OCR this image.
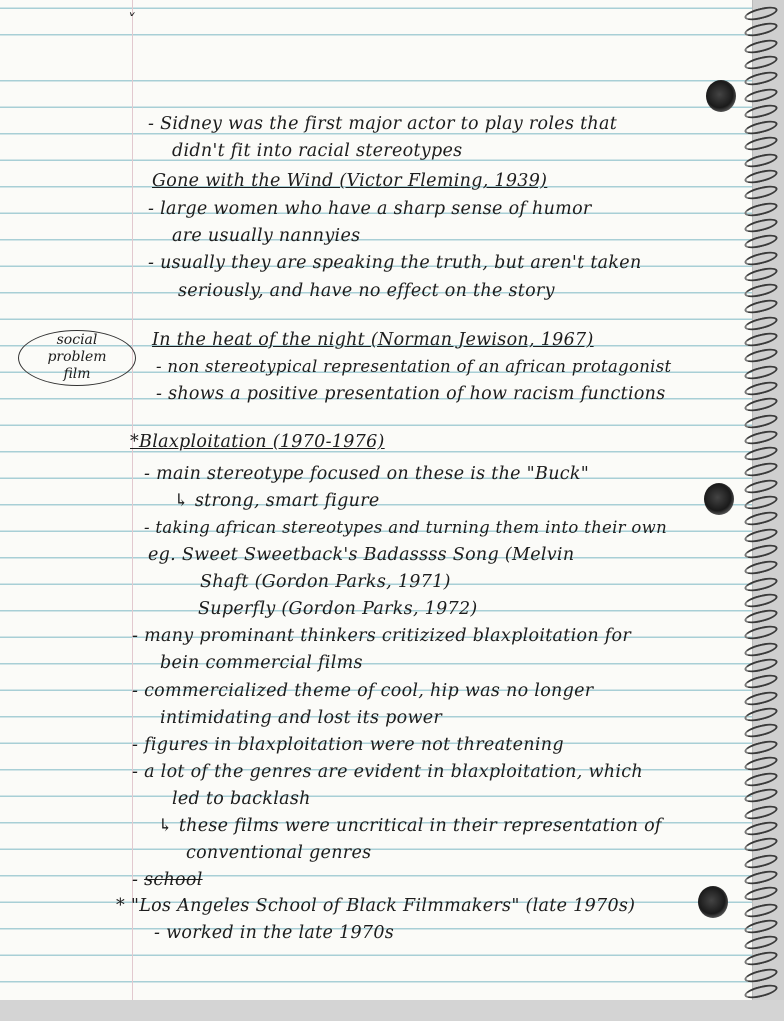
˅
social
problem
film
- Sidney was the first major actor to play roles that
didn't fit into racial stereotypes
Gone with the Wind (Victor Fleming, 1939)
- large women who have a sharp sense of humor
are usually nannyies
- usually they are speaking the truth, but aren't taken
seriously, and have no effect on the story
In the heat of the night (Norman Jewison, 1967)
- non stereotypical representation of an african protagonist
- shows a positive presentation of how racism functions
*Blaxploitation (1970-1976)
- main stereotype focused on these is the "Buck"
↳ strong, smart figure
- taking african stereotypes and turning them into their own
eg. Sweet Sweetback's Badassss Song (Melvin
Shaft (Gordon Parks, 1971)
Superfly (Gordon Parks, 1972)
- many prominant thinkers critizized blaxploitation for
bein commercial films
- commercialized theme of cool, hip was no longer
intimidating and lost its power
- figures in blaxploitation were not threatening
- a lot of the genres are evident in blaxploitation, which
led to backlash
↳ these films were uncritical in their representation of
conventional genres
- school
* "Los Angeles School of Black Filmmakers" (late 1970s)
- worked in the late 1970s
